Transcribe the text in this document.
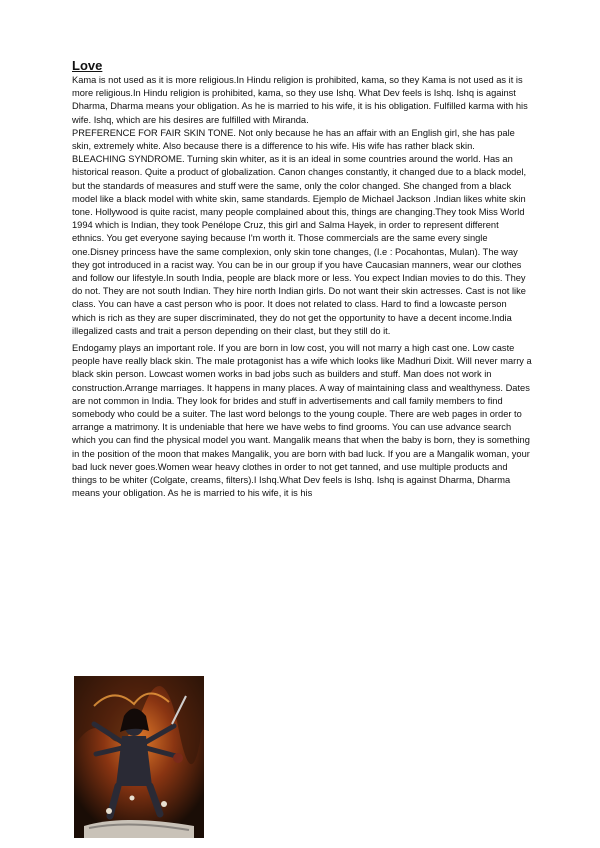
Love

Kama is not used as it is more religious.In Hindu religion is prohibited, kama, so they Kama is not used as it is more religious.In Hindu religion is prohibited, kama, so they use Ishq. What Dev feels is Ishq. Ishq is against Dharma, Dharma means your obligation. As he is married to his wife, it is his obligation. Fulfilled karma with his wife. Ishq, which are his desires are fulfilled with Miranda.

PREFERENCE FOR FAIR SKIN TONE. Not only because he has an affair with an English girl, she has pale skin, extremely white. Also because there is a difference to his wife. His wife has rather black skin.

BLEACHING SYNDROME. Turning skin whiter, as it is an ideal in some countries around the world. Has an historical reason. Quite a product of globalization. Canon changes constantly, it changed due to a black model, but the standards of measures and stuff were the same, only the color changed. She changed from a black model like a black model with white skin, same standards. Ejemplo de Michael Jackson .Indian likes white skin tone. Hollywood is quite racist, many people complained about this, things are changing.They took Miss World 1994 which is Indian, they took Penélope Cruz, this girl and Salma Hayek, in order to represent different ethnics. You get everyone saying because I'm worth it. Those commercials are the same every single one.Disney princess have the same complexion, only skin tone changes, (I.e : Pocahontas, Mulan). The way they got introduced in a racist way. You can be in our group if you have Caucasian manners, wear our clothes and follow our lifestyle.In south India, people are black more or less. You expect Indian movies to do this. They do not. They are not south Indian. They hire north Indian girls. Do not want their skin actresses. Cast is not like class. You can have a cast person who is poor. It does not related to class. Hard to find a lowcaste person which is rich as they are super discriminated, they do not get the opportunity to have a decent income.India illegalized casts and trait a person depending on their clast, but they still do it.

Endogamy plays an important role. If you are born in low cost, you will not marry a high cast one. Low caste people have really black skin. The male protagonist has a wife which looks like Madhuri Dixit. Will never marry a black skin person. Lowcast women works in bad jobs such as builders and stuff. Man does not work in construction.Arrange marriages. It happens in many places. A way of maintaining class and wealthyness. Dates are not common in India. They look for brides and stuff in advertisements and call family members to find somebody who could be a suiter. The last word belongs to the young couple. There are web pages in order to arrange a matrimony. It is undeniable that here we have webs to find grooms. You can use advance search which you can find the physical model you want. Mangalik means that when the baby is born, they is something in the position of the moon that makes Mangalik, you are born with bad luck. If you are a Mangalik woman, your bad luck never goes.Women wear heavy clothes in order to not get tanned, and use multiple products and things to be whiter (Colgate, creams, filters).I Ishq.What Dev feels is Ishq. Ishq is against Dharma, Dharma means your obligation. As he is married to his wife, it is his
